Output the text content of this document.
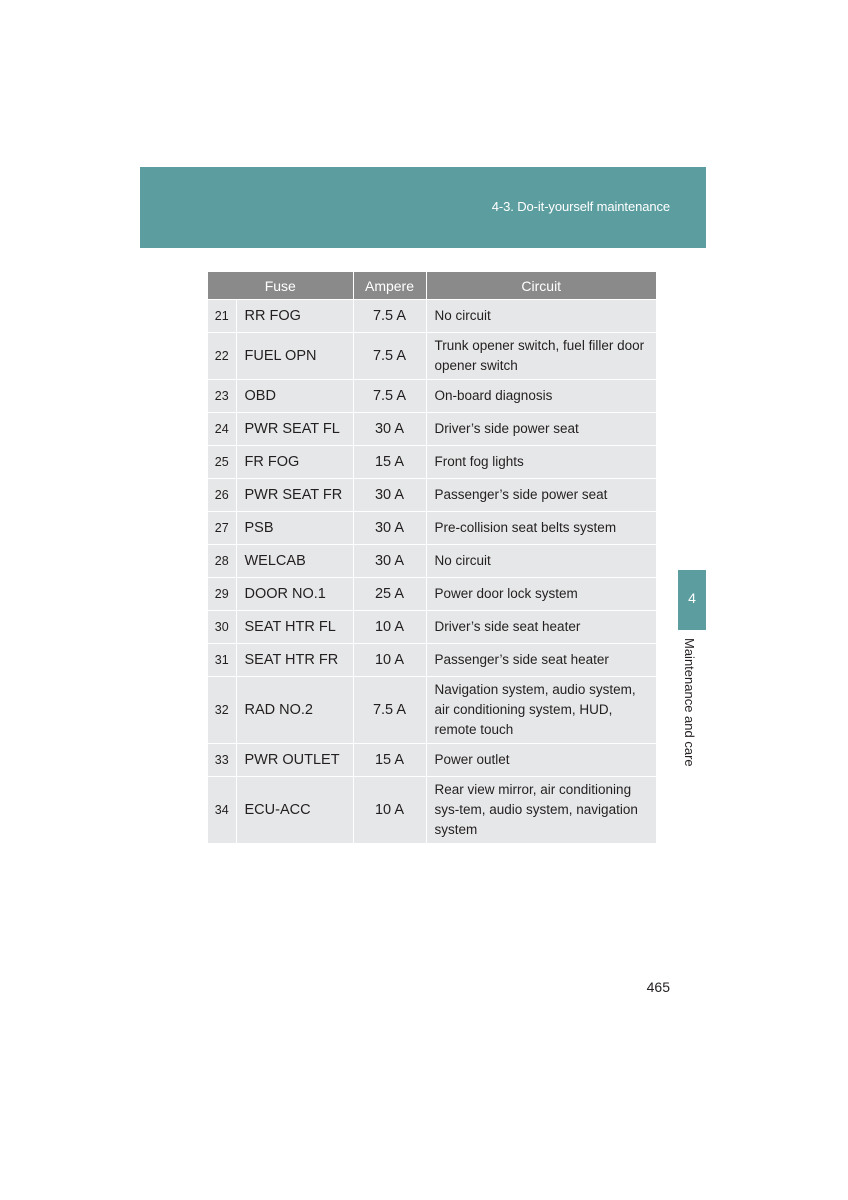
4-3. Do-it-yourself maintenance
Fuse		Ampere	Circuit
21	RR FOG	7.5 A	No circuit
22	FUEL OPN	7.5 A	Trunk opener switch, fuel filler door opener switch
23	OBD	7.5 A	On-board diagnosis
24	PWR SEAT FL	30 A	Driver’s side power seat
25	FR FOG	15 A	Front fog lights
26	PWR SEAT FR	30 A	Passenger’s side power seat
27	PSB	30 A	Pre-collision seat belts system
28	WELCAB	30 A	No circuit
29	DOOR NO.1	25 A	Power door lock system
30	SEAT HTR FL	10 A	Driver’s side seat heater
31	SEAT HTR FR	10 A	Passenger’s side seat heater
32	RAD NO.2	7.5 A	Navigation system, audio system, air conditioning system, HUD, remote touch
33	PWR OUTLET	15 A	Power outlet
34	ECU-ACC	10 A	Rear view mirror, air conditioning sys-tem, audio system, navigation system
4
Maintenance and care
465
